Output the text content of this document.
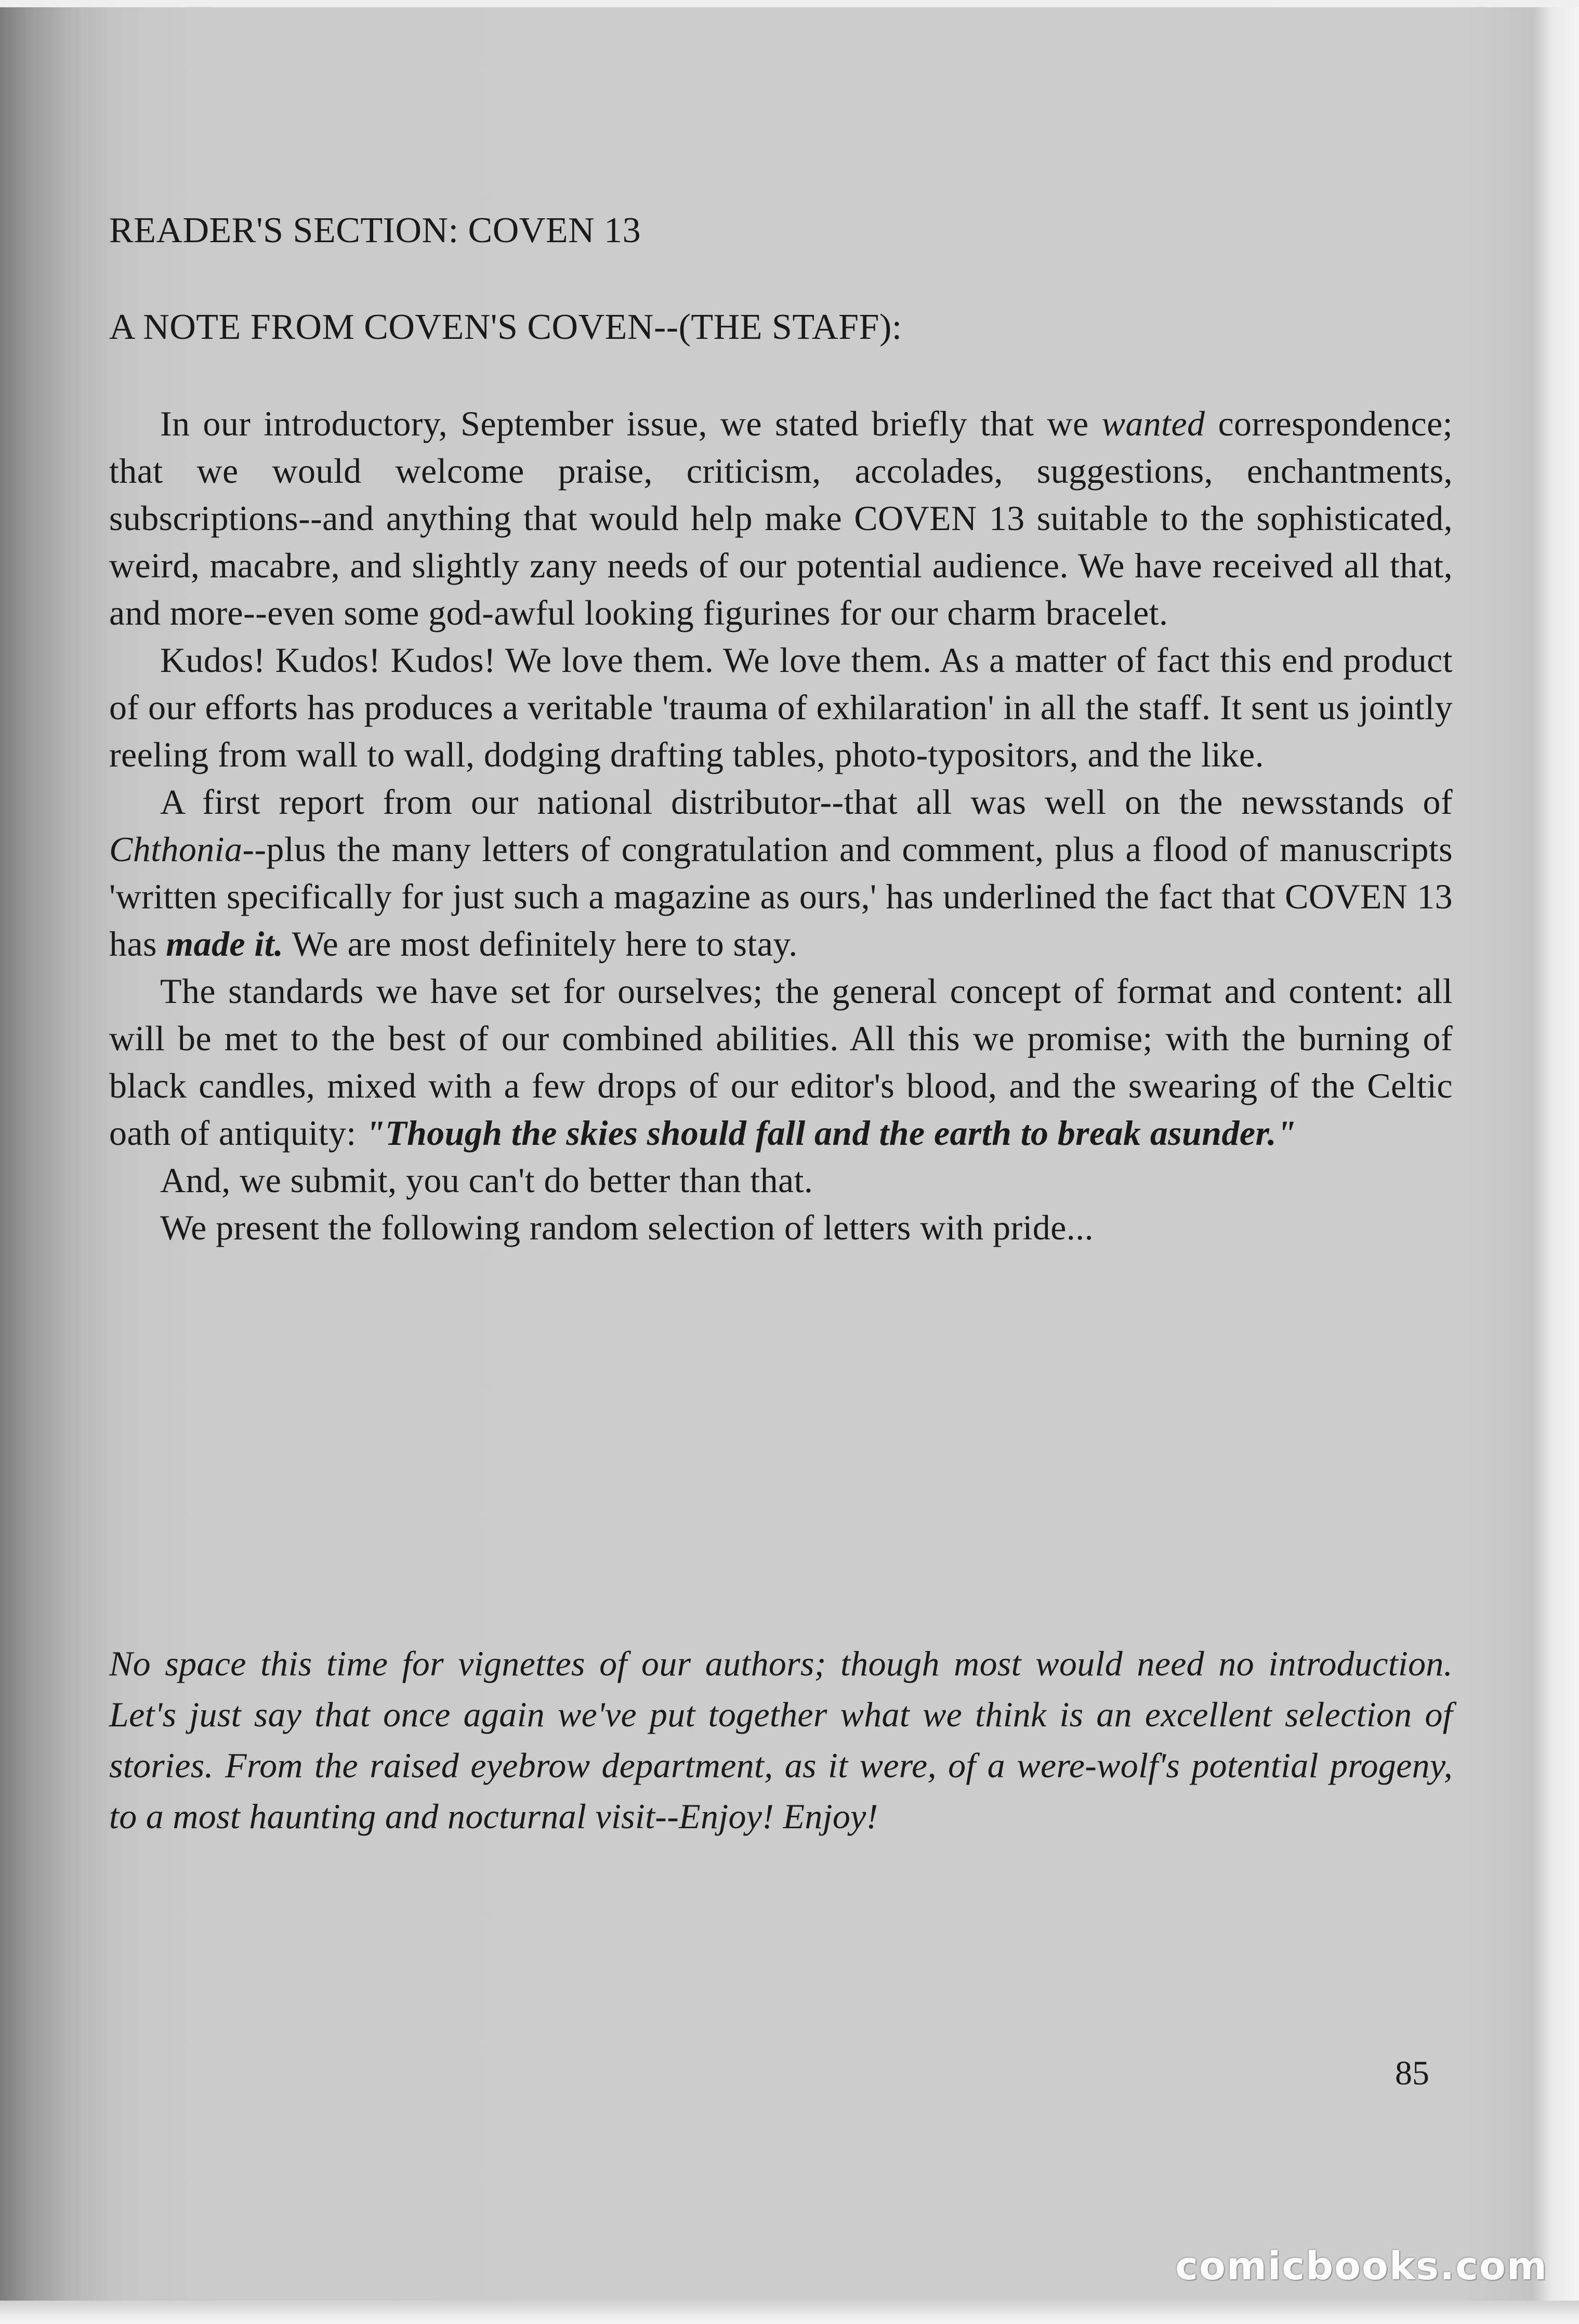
READER'S SECTION: COVEN 13
A NOTE FROM COVEN'S COVEN--(THE STAFF):

In our introductory, September issue, we stated briefly that we wanted correspondence; that we would welcome praise, criticism, accolades, suggestions, enchantments, subscriptions--and anything that would help make COVEN 13 suitable to the sophisticated, weird, macabre, and slightly zany needs of our potential audience. We have received all that, and more--even some god-awful looking figurines for our charm bracelet.

Kudos! Kudos! Kudos! We love them. We love them. As a matter of fact this end product of our efforts has produces a veritable 'trauma of exhilaration' in all the staff. It sent us jointly reeling from wall to wall, dodging drafting tables, photo-typositors, and the like.

A first report from our national distributor--that all was well on the newsstands of Chthonia--plus the many letters of congratulation and comment, plus a flood of manuscripts 'written specifically for just such a magazine as ours,' has underlined the fact that COVEN 13 has made it. We are most definitely here to stay.

The standards we have set for ourselves; the general concept of format and content: all will be met to the best of our combined abilities. All this we promise; with the burning of black candles, mixed with a few drops of our editor's blood, and the swearing of the Celtic oath of antiquity: "Though the skies should fall and the earth to break asunder."

And, we submit, you can't do better than that.

We present the following random selection of letters with pride...

No space this time for vignettes of our authors; though most would need no introduction. Let's just say that once again we've put together what we think is an excellent selection of stories. From the raised eyebrow department, as it were, of a were-wolf's potential progeny, to a most haunting and nocturnal visit--Enjoy! Enjoy!
85
comicbooks.com
